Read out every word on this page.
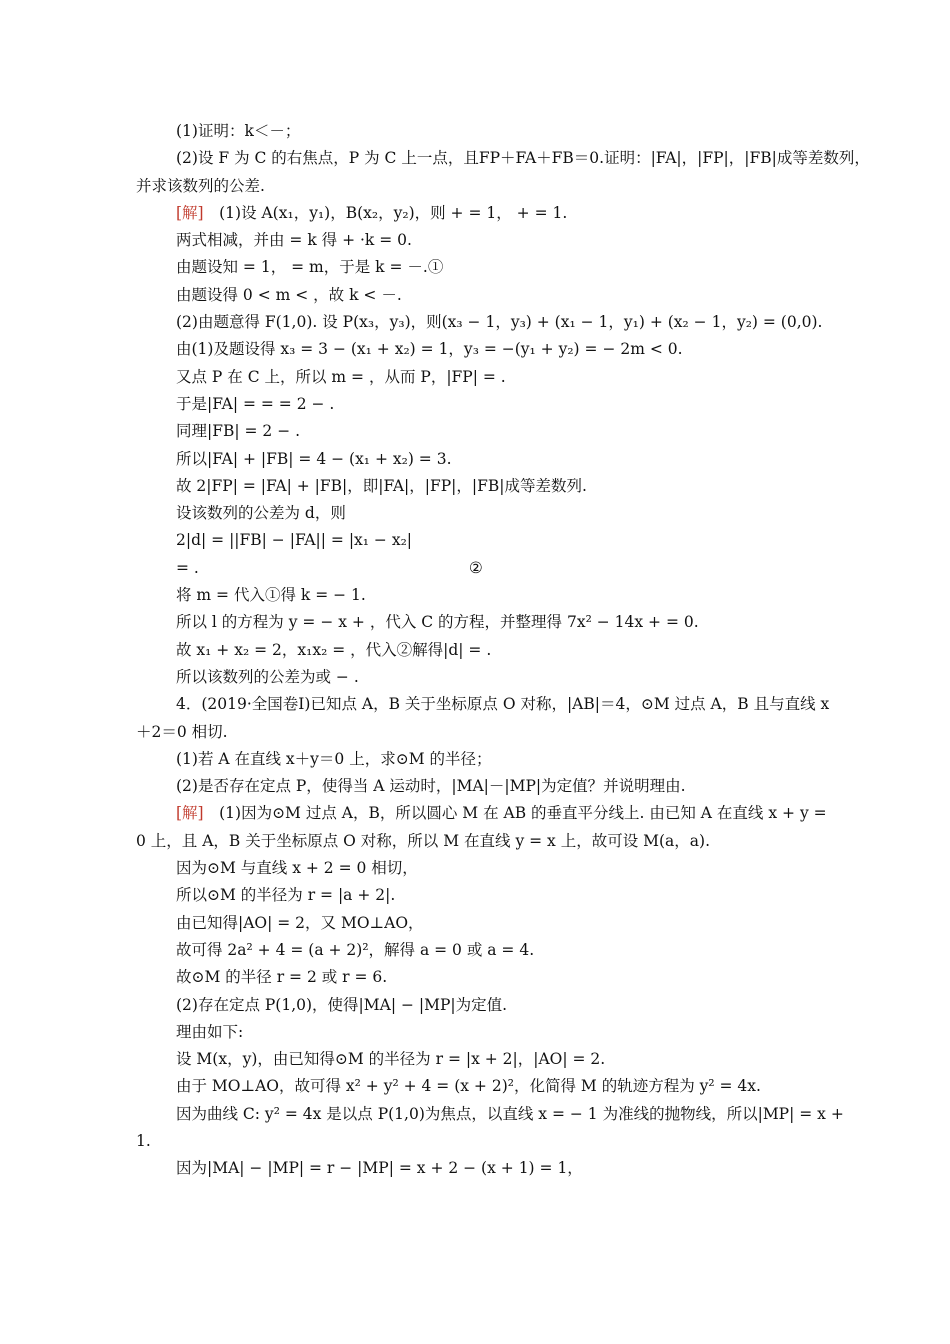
(1)证明：k＜－；
(2)设 F 为 C 的右焦点，P 为 C 上一点，且FP＋FA＋FB＝0.证明：|FA|，|FP|，|FB|成等差数列，
并求该数列的公差.
[解]　(1)设 A(x₁，y₁)，B(x₂，y₂)，则 + = 1， + = 1.
两式相减，并由 = k 得 + ·k = 0.
由题设知 = 1， = m，于是 k = －.①
由题设得 0 < m < ，故 k < －.
(2)由题意得 F(1,0). 设 P(x₃，y₃)，则(x₃ − 1，y₃) + (x₁ − 1，y₁) + (x₂ − 1，y₂) = (0,0).
由(1)及题设得 x₃ = 3 − (x₁ + x₂) = 1，y₃ = −(y₁ + y₂) = − 2m < 0.
又点 P 在 C 上，所以 m = ，从而 P，|FP| = .
于是|FA| = = = 2 − .
同理|FB| = 2 − .
所以|FA| + |FB| = 4 − (x₁ + x₂) = 3.
故 2|FP| = |FA| + |FB|，即|FA|，|FP|，|FB|成等差数列.
设该数列的公差为 d，则
2|d| = ||FB| − |FA|| = |x₁ − x₂|
= .	②
将 m = 代入①得 k = − 1.
所以 l 的方程为 y = − x + ，代入 C 的方程，并整理得 7x² − 14x + = 0.
故 x₁ + x₂ = 2，x₁x₂ = ，代入②解得|d| = .
所以该数列的公差为或 − .
4．(2019·全国卷Ⅰ)已知点 A，B 关于坐标原点 O 对称，|AB|＝4，⊙M 过点 A，B 且与直线 x
＋2＝0 相切.
(1)若 A 在直线 x＋y＝0 上，求⊙M 的半径；
(2)是否存在定点 P，使得当 A 运动时，|MA|－|MP|为定值？并说明理由.
[解]　(1)因为⊙M 过点 A，B，所以圆心 M 在 AB 的垂直平分线上. 由已知 A 在直线 x + y =
0 上，且 A，B 关于坐标原点 O 对称，所以 M 在直线 y = x 上，故可设 M(a，a).
因为⊙M 与直线 x + 2 = 0 相切，
所以⊙M 的半径为 r = |a + 2|.
由已知得|AO| = 2，又 MO⊥AO，
故可得 2a² + 4 = (a + 2)²，解得 a = 0 或 a = 4.
故⊙M 的半径 r = 2 或 r = 6.
(2)存在定点 P(1,0)，使得|MA| − |MP|为定值.
理由如下:
设 M(x，y)，由已知得⊙M 的半径为 r = |x + 2|，|AO| = 2.
由于 MO⊥AO，故可得 x² + y² + 4 = (x + 2)²，化简得 M 的轨迹方程为 y² = 4x.
因为曲线 C: y² = 4x 是以点 P(1,0)为焦点，以直线 x = − 1 为准线的抛物线，所以|MP| = x +
1.
因为|MA| − |MP| = r − |MP| = x + 2 − (x + 1) = 1，
